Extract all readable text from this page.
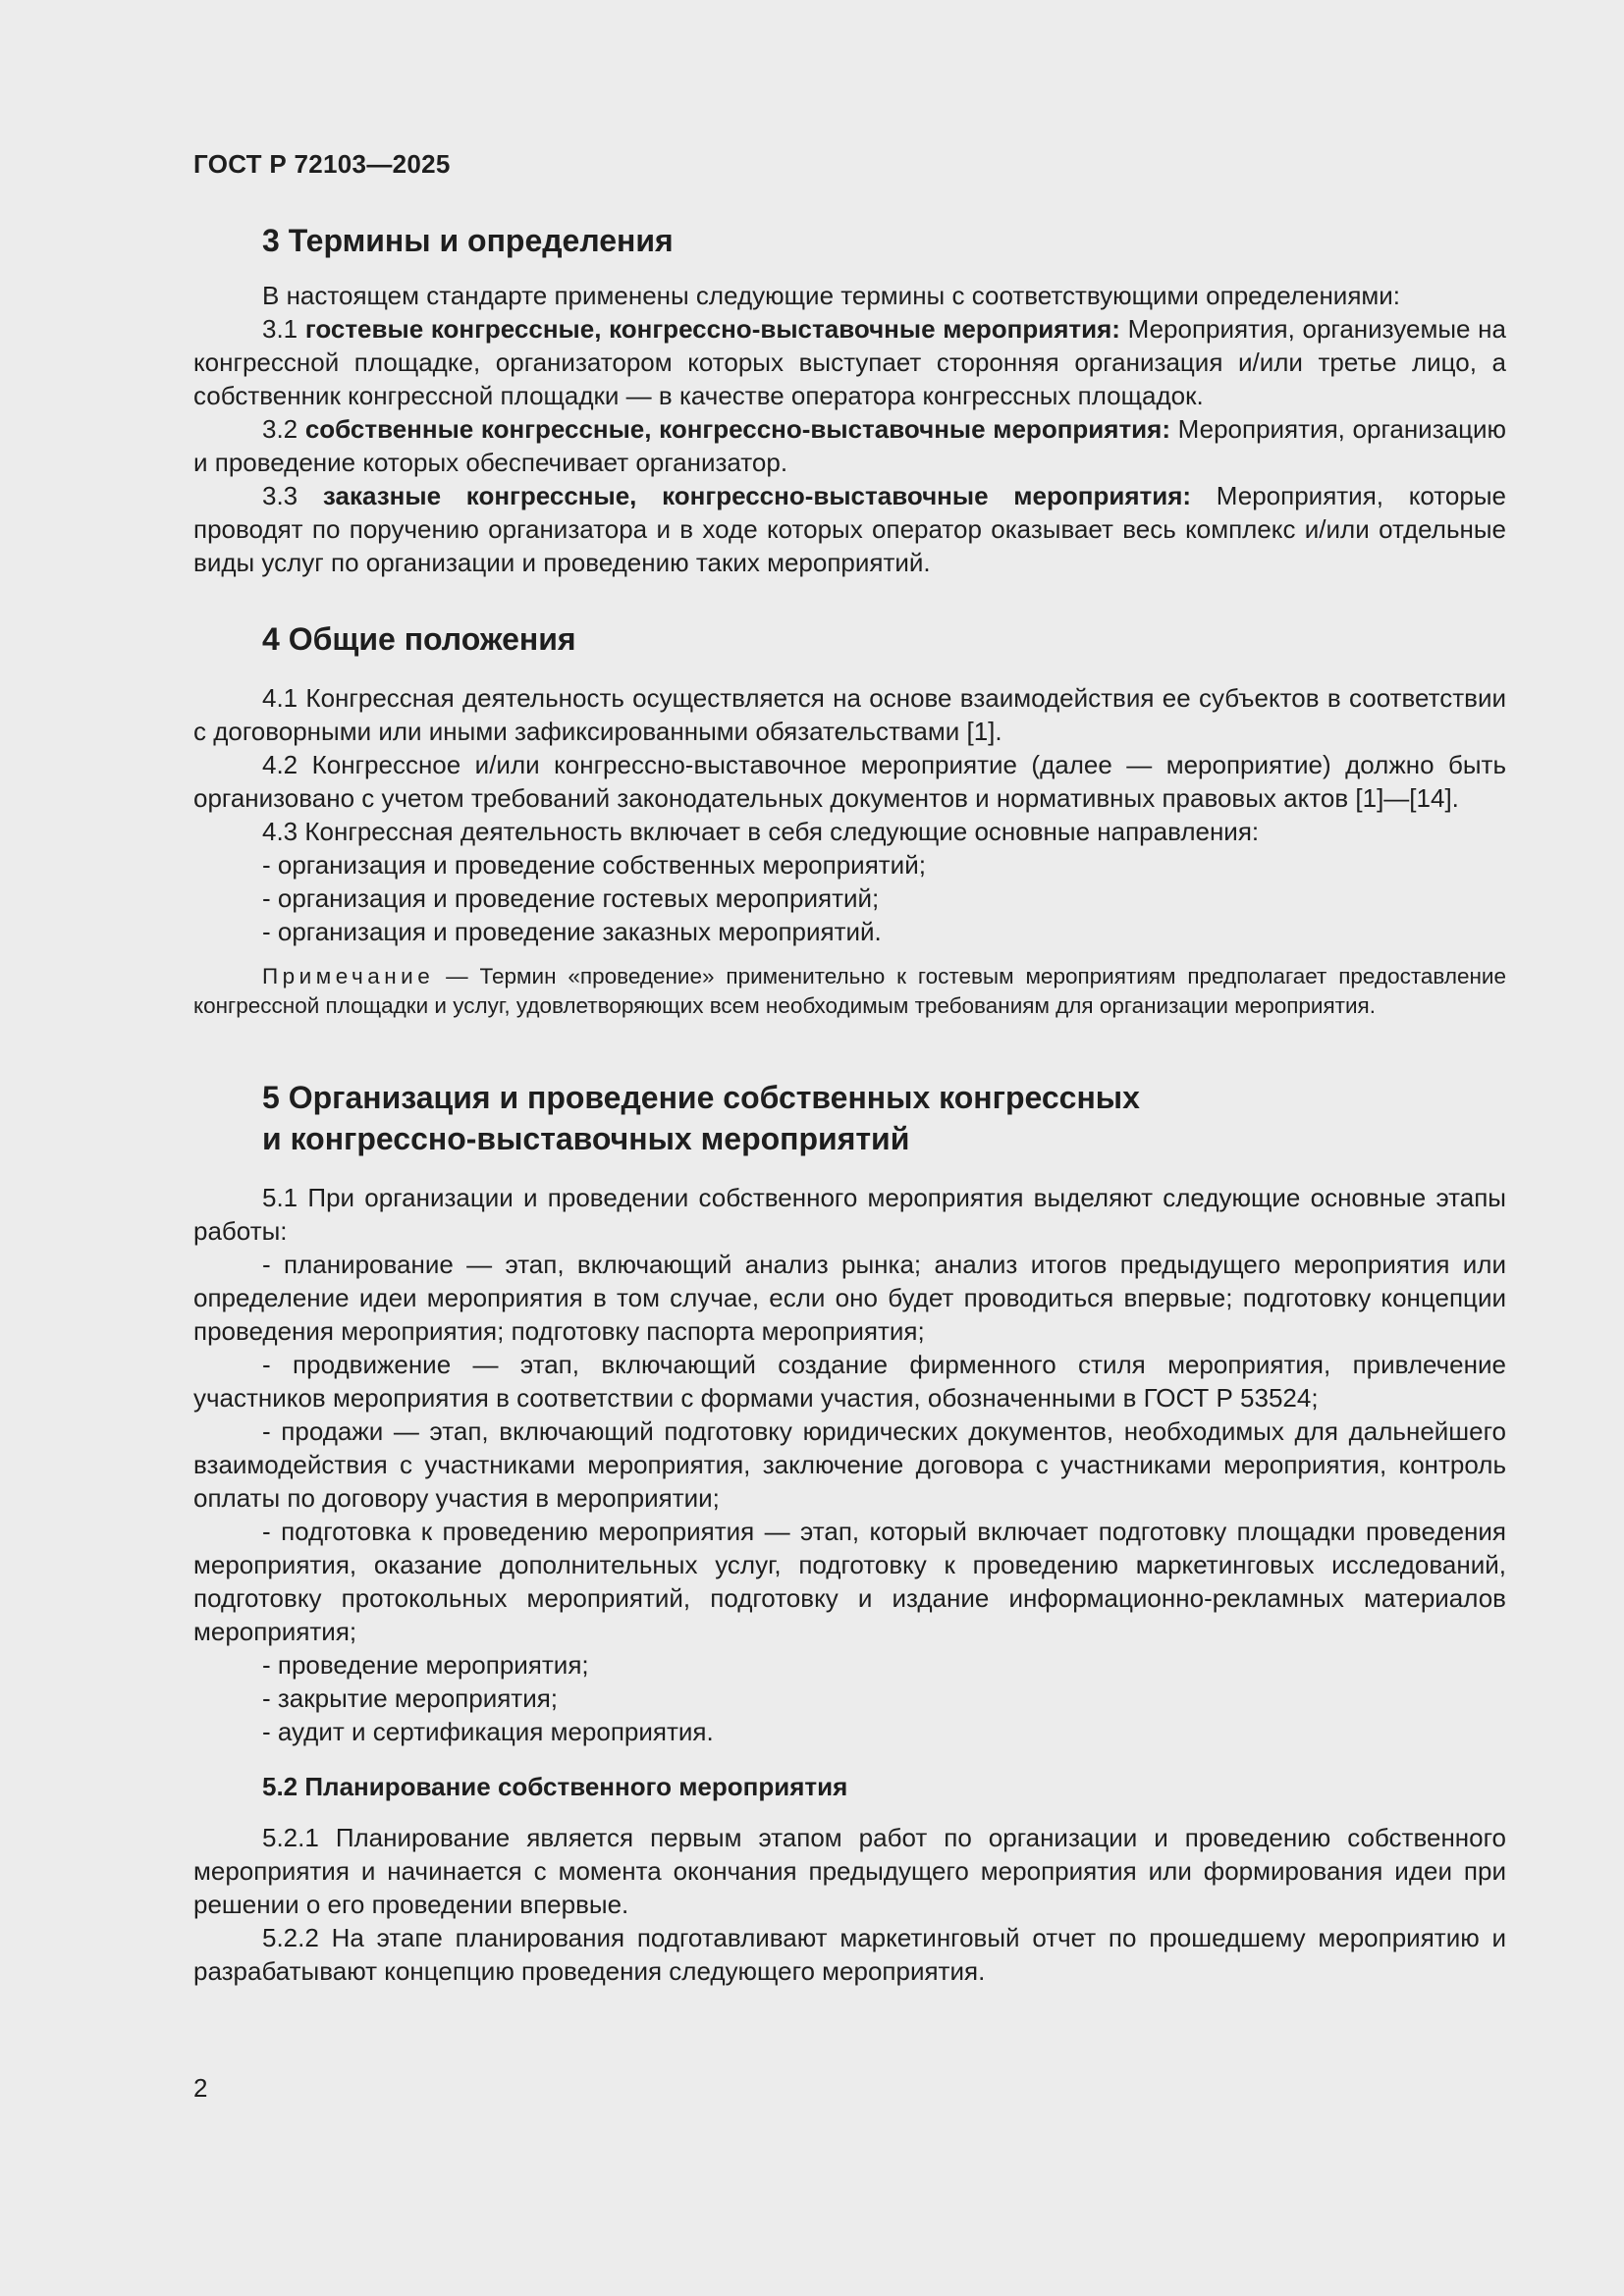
ГОСТ Р 72103—2025
3 Термины и определения

В настоящем стандарте применены следующие термины с соответствующими определениями:

3.1 гостевые конгрессные, конгрессно-выставочные мероприятия: Мероприятия, организуемые на конгрессной площадке, организатором которых выступает сторонняя организация и/или третье лицо, а собственник конгрессной площадки — в качестве оператора конгрессных площадок.

3.2 собственные конгрессные, конгрессно-выставочные мероприятия: Мероприятия, организацию и проведение которых обеспечивает организатор.

3.3 заказные конгрессные, конгрессно-выставочные мероприятия: Мероприятия, которые проводят по поручению организатора и в ходе которых оператор оказывает весь комплекс и/или отдельные виды услуг по организации и проведению таких мероприятий.

4 Общие положения

4.1 Конгрессная деятельность осуществляется на основе взаимодействия ее субъектов в соответствии с договорными или иными зафиксированными обязательствами [1].

4.2 Конгрессное и/или конгрессно-выставочное мероприятие (далее — мероприятие) должно быть организовано с учетом требований законодательных документов и нормативных правовых актов [1]—[14].

4.3 Конгрессная деятельность включает в себя следующие основные направления:

- организация и проведение собственных мероприятий;

- организация и проведение гостевых мероприятий;

- организация и проведение заказных мероприятий.

Примечание — Термин «проведение» применительно к гостевым мероприятиям предполагает предоставление конгрессной площадки и услуг, удовлетворяющих всем необходимым требованиям для организации мероприятия.

5 Организация и проведение собственных конгрессных
и конгрессно-выставочных мероприятий

5.1 При организации и проведении собственного мероприятия выделяют следующие основные этапы работы:

- планирование — этап, включающий анализ рынка; анализ итогов предыдущего мероприятия или определение идеи мероприятия в том случае, если оно будет проводиться впервые; подготовку концепции проведения мероприятия; подготовку паспорта мероприятия;

- продвижение — этап, включающий создание фирменного стиля мероприятия, привлечение участников мероприятия в соответствии с формами участия, обозначенными в ГОСТ Р 53524;

- продажи — этап, включающий подготовку юридических документов, необходимых для дальнейшего взаимодействия с участниками мероприятия, заключение договора с участниками мероприятия, контроль оплаты по договору участия в мероприятии;

- подготовка к проведению мероприятия — этап, который включает подготовку площадки проведения мероприятия, оказание дополнительных услуг, подготовку к проведению маркетинговых исследований, подготовку протокольных мероприятий, подготовку и издание информационно-рекламных материалов мероприятия;

- проведение мероприятия;

- закрытие мероприятия;

- аудит и сертификация мероприятия.

5.2 Планирование собственного мероприятия

5.2.1 Планирование является первым этапом работ по организации и проведению собственного мероприятия и начинается с момента окончания предыдущего мероприятия или формирования идеи при решении о его проведении впервые.

5.2.2 На этапе планирования подготавливают маркетинговый отчет по прошедшему мероприятию и разрабатывают концепцию проведения следующего мероприятия.

2
